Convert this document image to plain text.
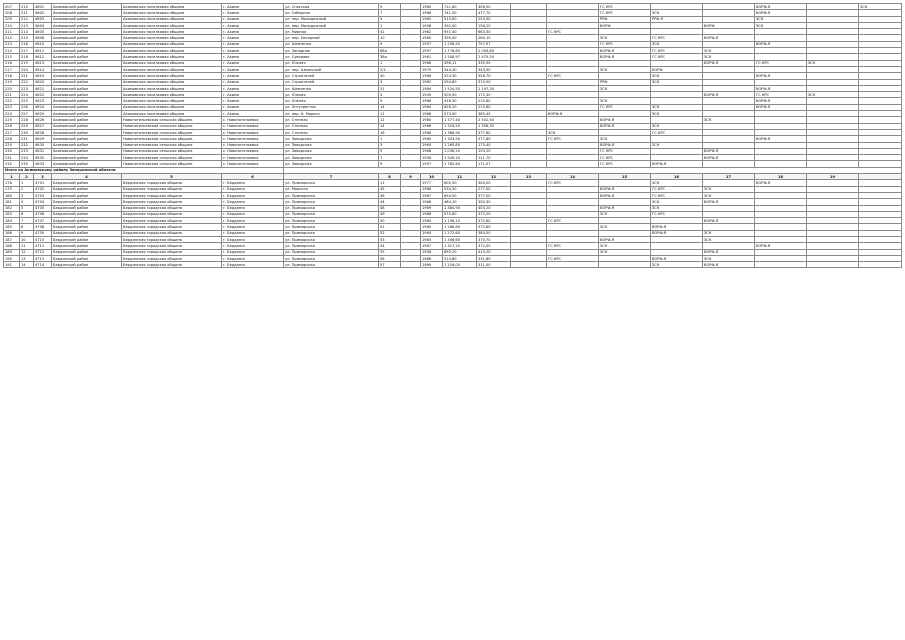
207	210	4601	Акимовский район	Акимовская поселковая община	г. Акимо	ул. Спасская	9		1960	711,60	306,00			ГС КРС			ВОРФ-Я		ЗСК
208	211	4602	Акимовский район	Акимовская поселковая община	г. Акимо	ул. Соборная	7		1968	741,50	477,70			ГС КРС	ЗСК		ВОРФ-Я		
209	212	4603	Акимовский район	Акимовская поселковая община	г. Акимо	ул. пер. Молодежный	5		1965	515,60	253,50			РРФ	РРФ-Я		ЗСК		
210	213	4604	Акимовский район	Акимовская поселковая община	г. Акимо	ул. пер. Молодежный	1		1958	392,50	156,20			ВОРФ		ВОРФ	ЗСК		
211	214	4605	Акимовский район	Акимовская поселковая община	г. Акимо	ул. Мирная	41		1962	951,40	663,30		ГС КРС						
212	215	4606	Акимовский район	Акимовская поселковая община	г. Акимо	ул. пер. Нагорный	10		1960	399,40	260,10			ЗСК	ГС КРС	ВОРФ-Я			
213	216	4610	Акимовский район	Акимовская поселковая община	г. Акимо	ул. Шевченко	9		1957	1 256,50	757,97			ГС КРС	ЗСК		ВОРФ-Я		
214	217	4611	Акимовский район	Акимовская поселковая община	г. Акимо	ул. Западная	68а		1997	1 776,80	2 054,80			ВОРФ-Я	ГС КРС	ЗСК			
215	218	4612	Акимовский район	Акимовская поселковая община	г. Акимо	ул. Суворова	38а		1961	1 508,97	2 475,50			ВОРФ-Я	ГС КРС	ЗСК			
216	219	4613	Акимовский район	Акимовская поселковая община	г. Акимо	ул. Южная	1		1966	496,11	335,50					ВОРФ-Я	ГС КРС	ЗСК	
217	220	4614	Акимовский район	Акимовская поселковая община	г. Акимо	ул. пер. Школьный	2/1		1975	544,30	343,30			ЗСК	ВОРФ				
218	221	4619	Акимовский район	Акимовская поселковая община	г. Акимо	ул. Строителей	40		1966	524,30	356,70		ГС КРС		ЗСК		ВОРФ-Я		
219	222	4620	Акимовский район	Акимовская поселковая община	г. Акимо	ул. Строителей	3		1962	594,60	370,50			РРФ	ЗСК				
220	223	4621	Акимовский район	Акимовская поселковая община	г. Акимо	ул. Шевченко	21		1984	1 524,50	2 197,30			ЗСК			ВОРФ-Я		
221	224	4622	Акимовский район	Акимовская поселковая община	г. Акимо	ул. Южная	3		1949	500,50	172,30					ВОРФ-Я	ГС КРС	ЗСК	
222	225	4623	Акимовский район	Акимовская поселковая община	г. Акимо	ул. Южная	5		1966	416,30	215,80			ЗСК			ВОРФ-Я		
223	226	4624	Акимовский район	Акимовская поселковая община	г. Акимо	ул. Энтузиастов	14		1964	626,20	215,60			ГС КРС	ЗСК		ВОРФ-Я		
224	227	4625	Акимовский район	Акимовская поселковая община	г. Акимо	ул. пер. К. Маркса	11		1966	573,90	385,40		ВОРФ-Я		ЗСК				
225	228	4626	Акимовский район	Новонотельевская сельская община	с. Новонотельевка	ул. Степная	12		1960	1 377,40	2 502,40			ВОРФ-Я		ЗСК			
226	229	4627	Акимовский район	Новонотельевская сельская община	с. Новонотельевка	ул. Степная	14		1966	1 316,50	1 356,35			ВОРФ-Я	ЗСК				
227	230	4628	Акимовский район	Новонотельевская сельская община	с. Новонотельевка	ул. Степная	16		1966	1 366,90	377,80		ЗСК		ГС КРС				
228	231	4629	Акимовский район	Новонотельевская сельская община	с. Новонотельевка	ул. Заводская	1		1960	1 343,50	377,80		ГС КРС	ЗСК			ВОРФ-Я		
229	232	4630	Акимовский район	Новонотельевская сельская община	с. Новонотельевка	ул. Заводская	3		1964	1 265,80	175,40			ВОРФ-Я	ЗСК				
230	233	4631	Акимовский район	Новонотельевская сельская община	с. Новонотельевка	ул. Заводская	5		1968	1 036,20	193,20			ГС КРС		ВОРФ-Я			
231	234	4632	Акимовский район	Новонотельевская сельская община	с. Новонотельевка	ул. Заводская	7		1958	1 549,20	111,70			ГС КРС		ВОРФ-Я			
232	235	4633	Акимовский район	Новонотельевская сельская община	с. Новонотельевка	ул. Заводская	9		1957	1 762,64	171,07			ГС КРС	ВОРФ-Я				
Итого по Акимовскому району Запорожской области																			
1	2	3	4	5	6	7	8	9	10	11	12	13	14	15	16	17	18	19	
178	1	4701	Бердянский район	Бердянская городская община	г. Бердянск	ул. Приморская	11		1977	605,50	300,00		ГС КРС		ЗСК		ВОРФ-Я		
179	2	4702	Бердянский район	Бердянская городская община	г. Бердянск	ул. Морская	45		1966	534,30	277,00			ВОРФ-Я	ГС КРС	ЗСК			
180	3	4703	Бердянский район	Бердянская городская община	г. Бердянск	ул. Приморская	46		1967	694,50	377,00			ВОРФ-Я	ГС КРС	ЗСК			
181	4	4704	Бердянский район	Бердянская городская община	г. Бердянск	ул. Приморская	44		1966	484,10	350,30				ЗСК	ВОРФ-Я			
182	5	4705	Бердянский район	Бердянская городская община	г. Бердянск	ул. Приморская	48		1969	1 384,90	403,20			ВОРФ-Я	ЗСК				
183	6	4706	Бердянский район	Бердянская городская община	г. Бердянск	ул. Приморская	49		1968	570,60	372,20			ЗСК	ГС КРС				
184	7	4707	Бердянский район	Бердянская городская община	г. Бердянск	ул. Приморская	50		1960	1 196,10	372,60		ГС КРС			ВОРФ-Я			
185	8	4708	Бердянский район	Бердянская городская община	г. Бердянск	ул. Приморская	51		1960	1 266,80	372,80			ЗСК	ВОРФ-Я				
186	9	4709	Бердянский район	Бердянская городская община	г. Бердянск	ул. Приморская	52		1964	1 272,60	384,00				ВОРФ-Я	ЗСК			
187	10	4710	Бердянский район	Бердянская городская община	г. Бердянск	ул. Приморская	53		1965	1 346,60	370,70			ВОРФ-Я		ЗСК			
188	11	4711	Бердянский район	Бердянская городская община	г. Бердянск	ул. Приморская	54		1967	1 317,20	372,00		ГС КРС	ЗСК			ВОРФ-Я		
189	12	4712	Бердянский район	Бердянская городская община	г. Бердянск	ул. Приморская	55		1958	695,20	415,20			ЗСК		ВОРФ-Я			
190	13	4713	Бердянский район	Бердянская городская община	г. Бердянск	ул. Приморская	56		1966	514,80	331,80		ГС КРС		ВОРФ-Я	ЗСК			
191	14	4714	Бердянский район	Бердянская городская община	г. Бердянск	ул. Приморская	57		1969	1 216,00	311,00				ЗСК	ВОРФ-Я			
